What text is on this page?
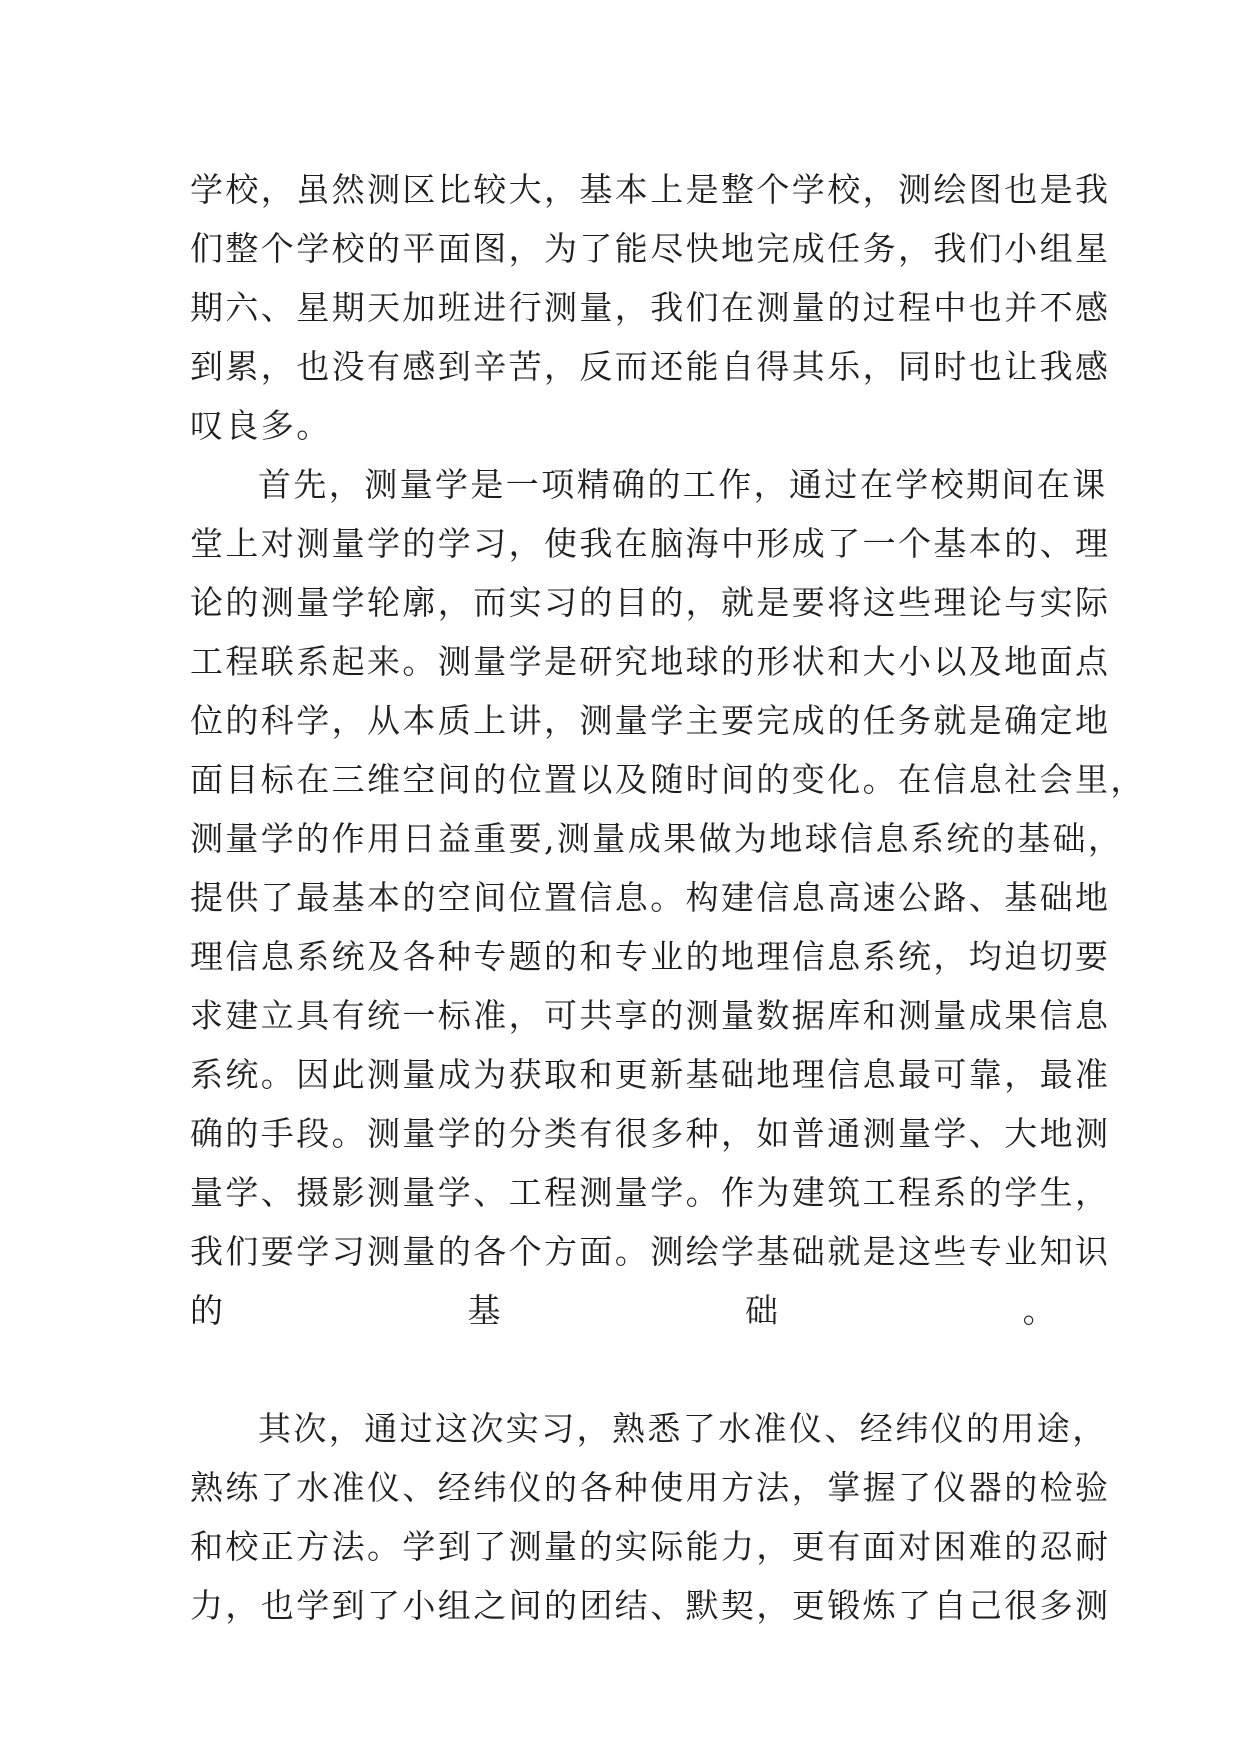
学校，虽然测区比较大，基本上是整个学校，测绘图也是我
们整个学校的平面图，为了能尽快地完成任务，我们小组星
期六、星期天加班进行测量，我们在测量的过程中也并不感
到累，也没有感到辛苦，反而还能自得其乐，同时也让我感
叹良多。
首先，测量学是一项精确的工作，通过在学校期间在课
堂上对测量学的学习，使我在脑海中形成了一个基本的、理
论的测量学轮廓，而实习的目的，就是要将这些理论与实际
工程联系起来。测量学是研究地球的形状和大小以及地面点
位的科学，从本质上讲，测量学主要完成的任务就是确定地
面目标在三维空间的位置以及随时间的变化。在信息社会里，
测量学的作用日益重要,测量成果做为地球信息系统的基础，
提供了最基本的空间位置信息。构建信息高速公路、基础地
理信息系统及各种专题的和专业的地理信息系统，均迫切要
求建立具有统一标准，可共享的测量数据库和测量成果信息
系统。因此测量成为获取和更新基础地理信息最可靠，最准
确的手段。测量学的分类有很多种，如普通测量学、大地测
量学、摄影测量学、工程测量学。作为建筑工程系的学生，
我们要学习测量的各个方面。测绘学基础就是这些专业知识
的基础。
其次，通过这次实习，熟悉了水准仪、经纬仪的用途，
熟练了水准仪、经纬仪的各种使用方法，掌握了仪器的检验
和校正方法。学到了测量的实际能力，更有面对困难的忍耐
力，也学到了小组之间的团结、默契，更锻炼了自己很多测
